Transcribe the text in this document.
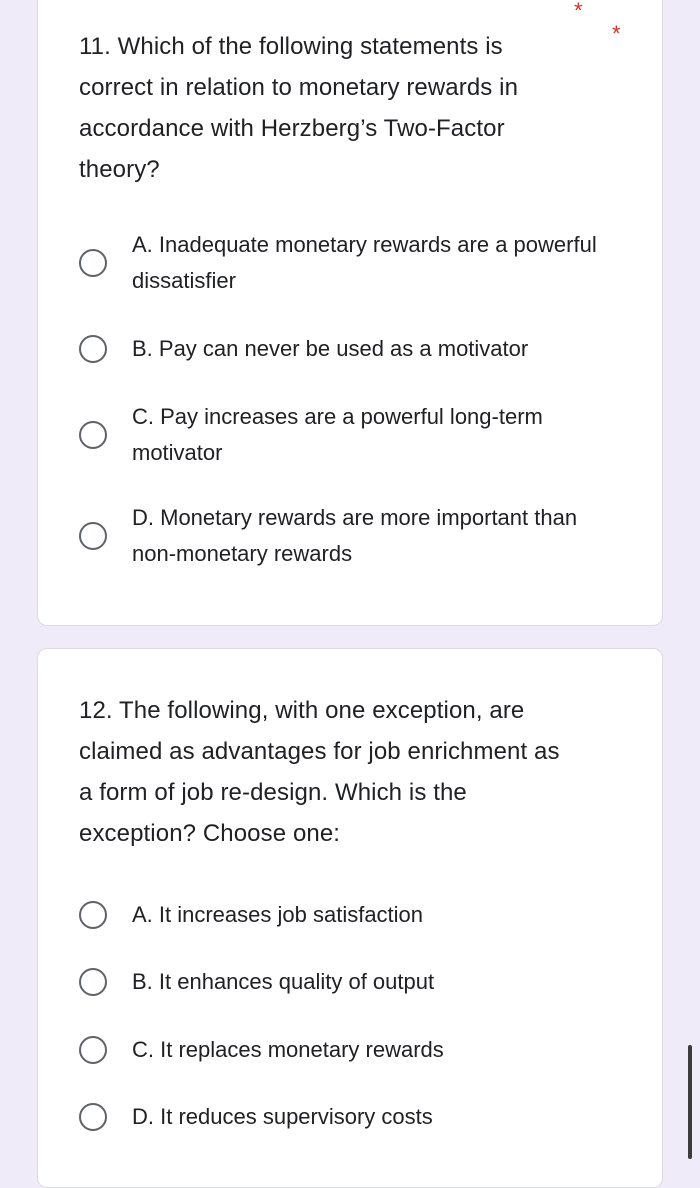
11. Which of the following statements is correct in relation to monetary rewards in accordance with Herzberg’s Two-Factor theory?

*
A. Inadequate monetary rewards are a powerful dissatisfier
B. Pay can never be used as a motivator
C. Pay increases are a powerful long-term motivator
D. Monetary rewards are more important than non-monetary rewards

12. The following, with one exception, are claimed as advantages for job enrichment as a form of job re-design. Which is the exception? Choose one:

A. It increases job satisfaction
B. It enhances quality of output
C. It replaces monetary rewards
D. It reduces supervisory costs
*
